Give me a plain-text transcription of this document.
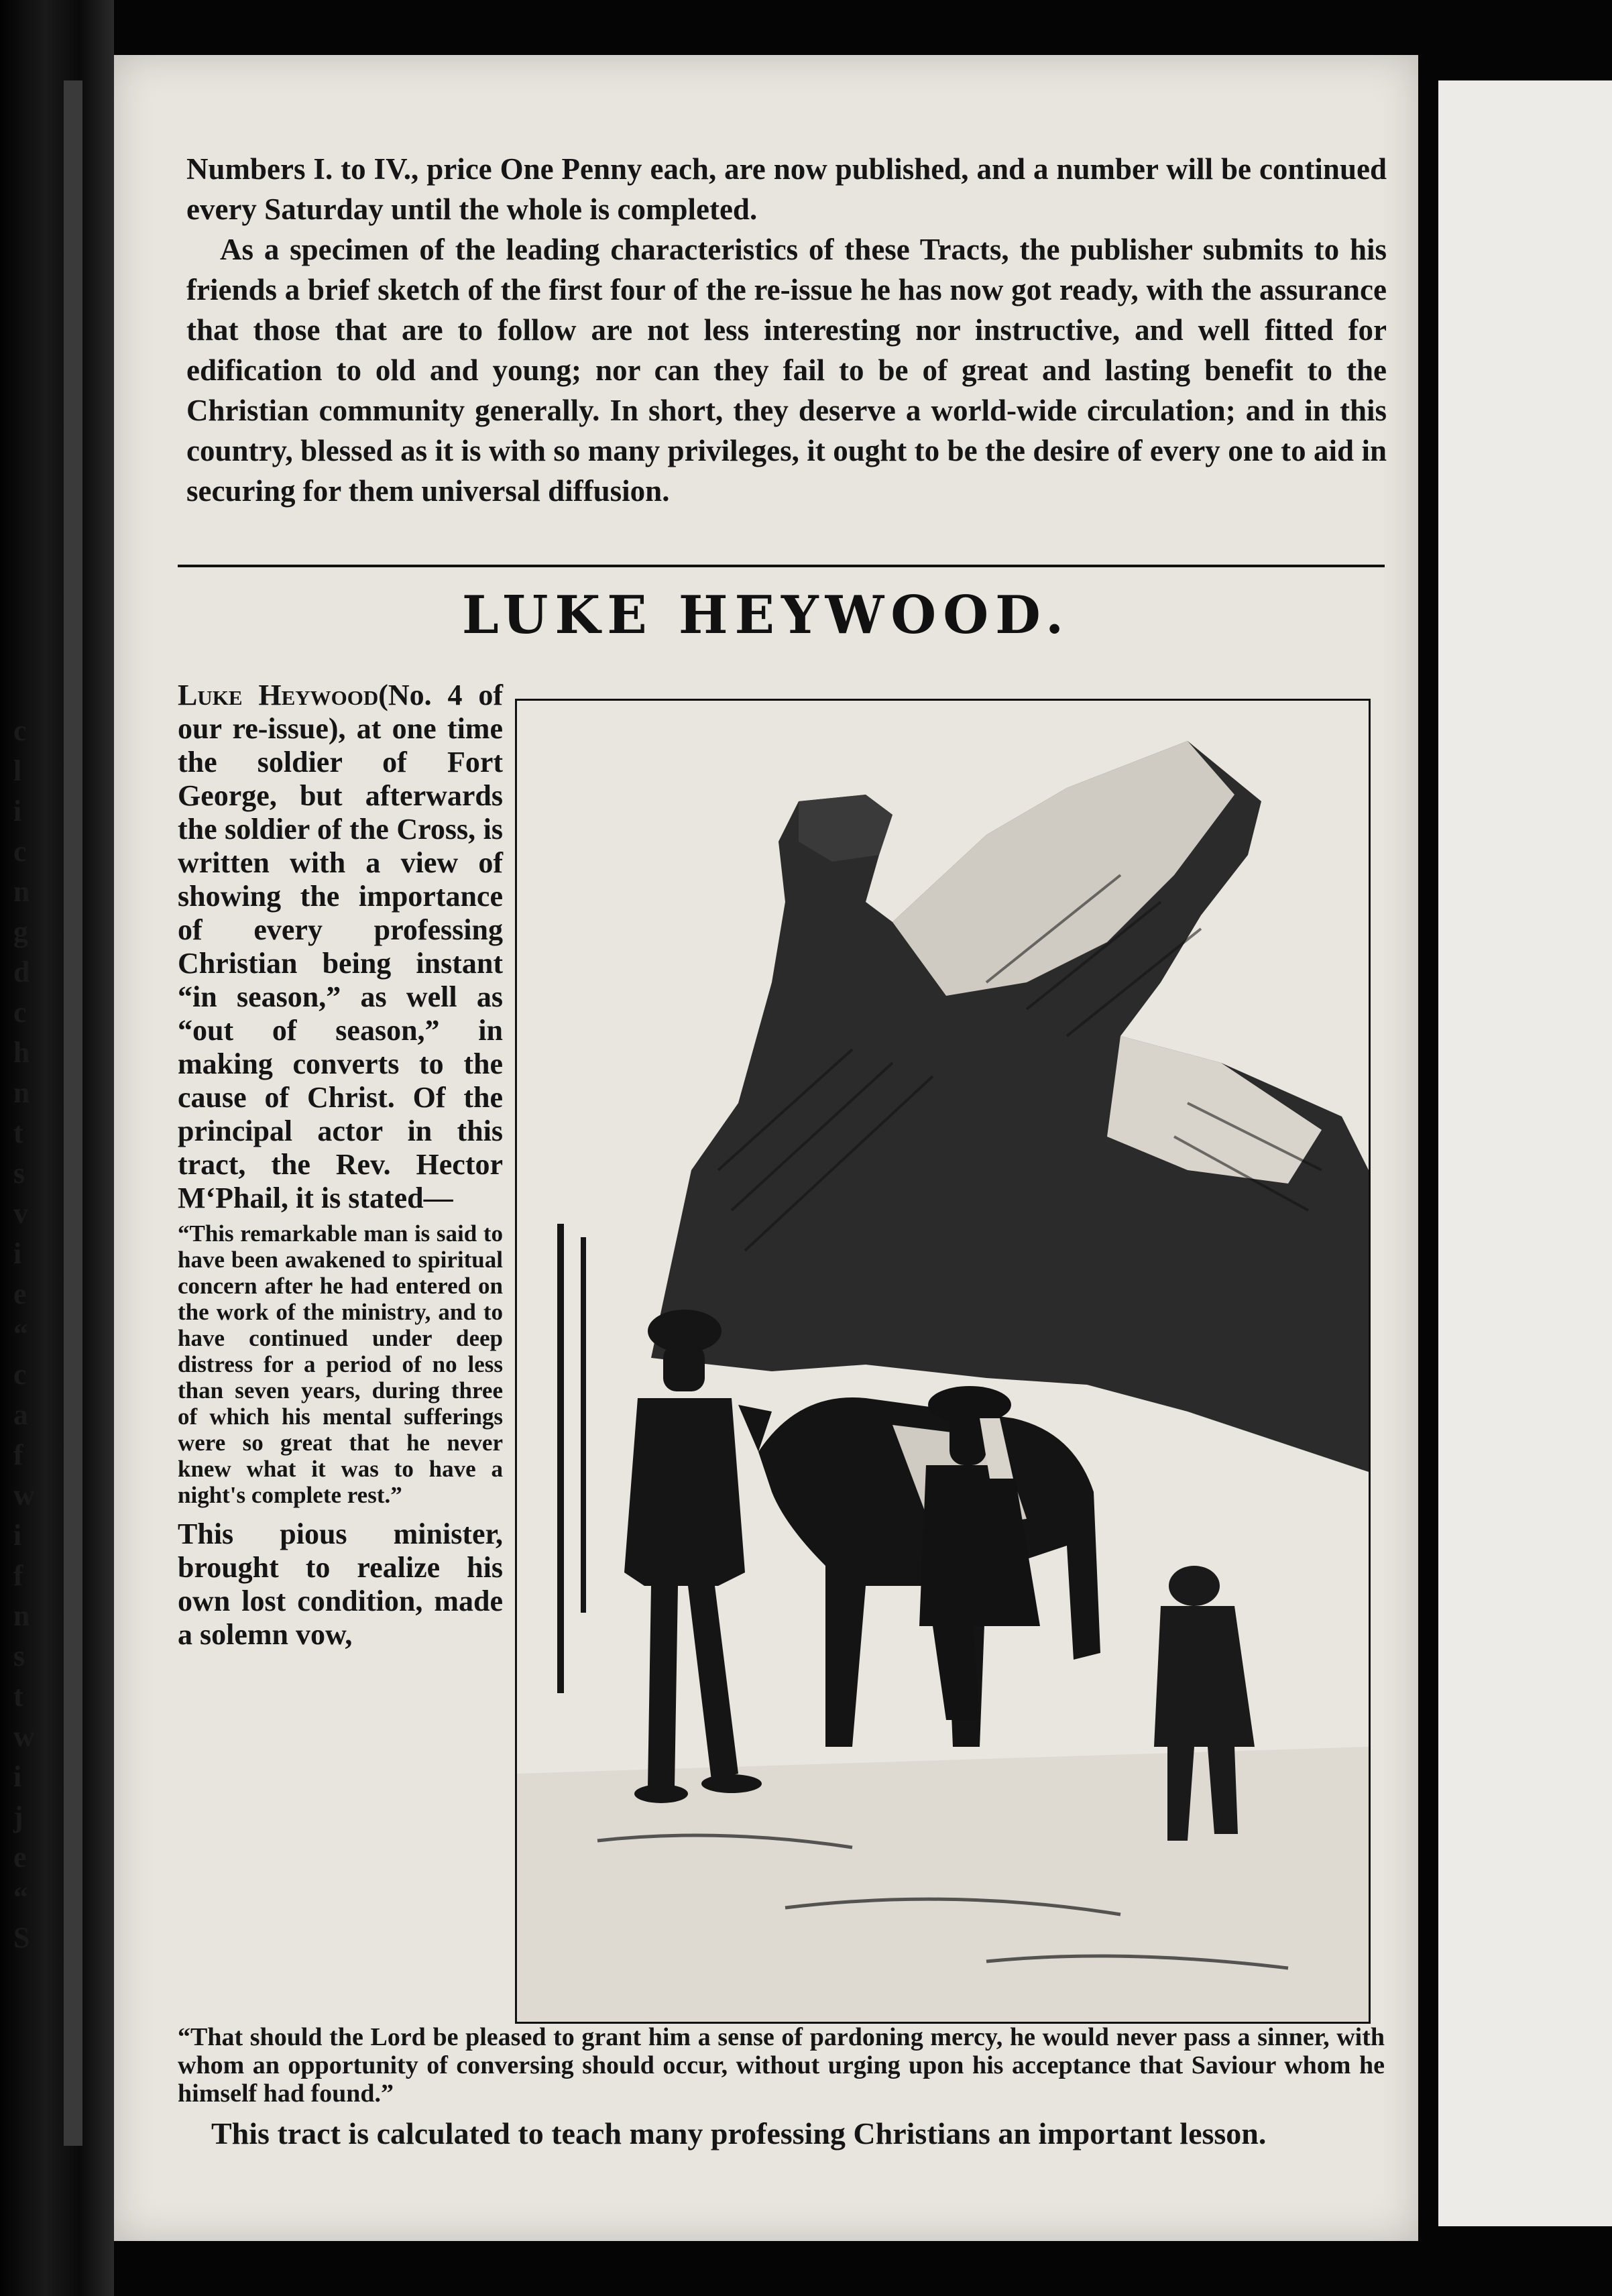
Numbers I. to IV., price One Penny each, are now published, and a number will be continued every Saturday until the whole is completed.

As a specimen of the leading characteristics of these Tracts, the publisher submits to his friends a brief sketch of the first four of the re-issue he has now got ready, with the assurance that those that are to follow are not less interesting nor instructive, and well fitted for edification to old and young; nor can they fail to be of great and lasting benefit to the Christian community generally. In short, they deserve a world-wide circulation; and in this country, blessed as it is with so many privileges, it ought to be the desire of every one to aid in securing for them universal diffusion.

LUKE HEYWOOD.

Luke Heywood(No. 4 of our re-issue), at one time the soldier of Fort George, but afterwards the soldier of the Cross, is written with a view of showing the importance of every professing Christian being instant “in season,” as well as “out of season,” in making converts to the cause of Christ. Of the principal actor in this tract, the Rev. Hector M‘Phail, it is stated—

“This remarkable man is said to have been awakened to spiritual concern after he had entered on the work of the ministry, and to have continued under deep distress for a period of no less than seven years, during three of which his mental sufferings were so great that he never knew what it was to have a night's complete rest.”

This pious minister, brought to realize his own lost condition, made a solemn vow,

“That should the Lord be pleased to grant him a sense of pardoning mercy, he would never pass a sinner, with whom an opportunity of conversing should occur, without urging upon his acceptance that Saviour whom he himself had found.”

This tract is calculated to teach many professing Christians an important lesson.

c
l
i
c
n
g
d
c
h
n
t
s
v
i
e
“
c
a
f
w
i
f
n
s
t
w
i
j
e
“
S
